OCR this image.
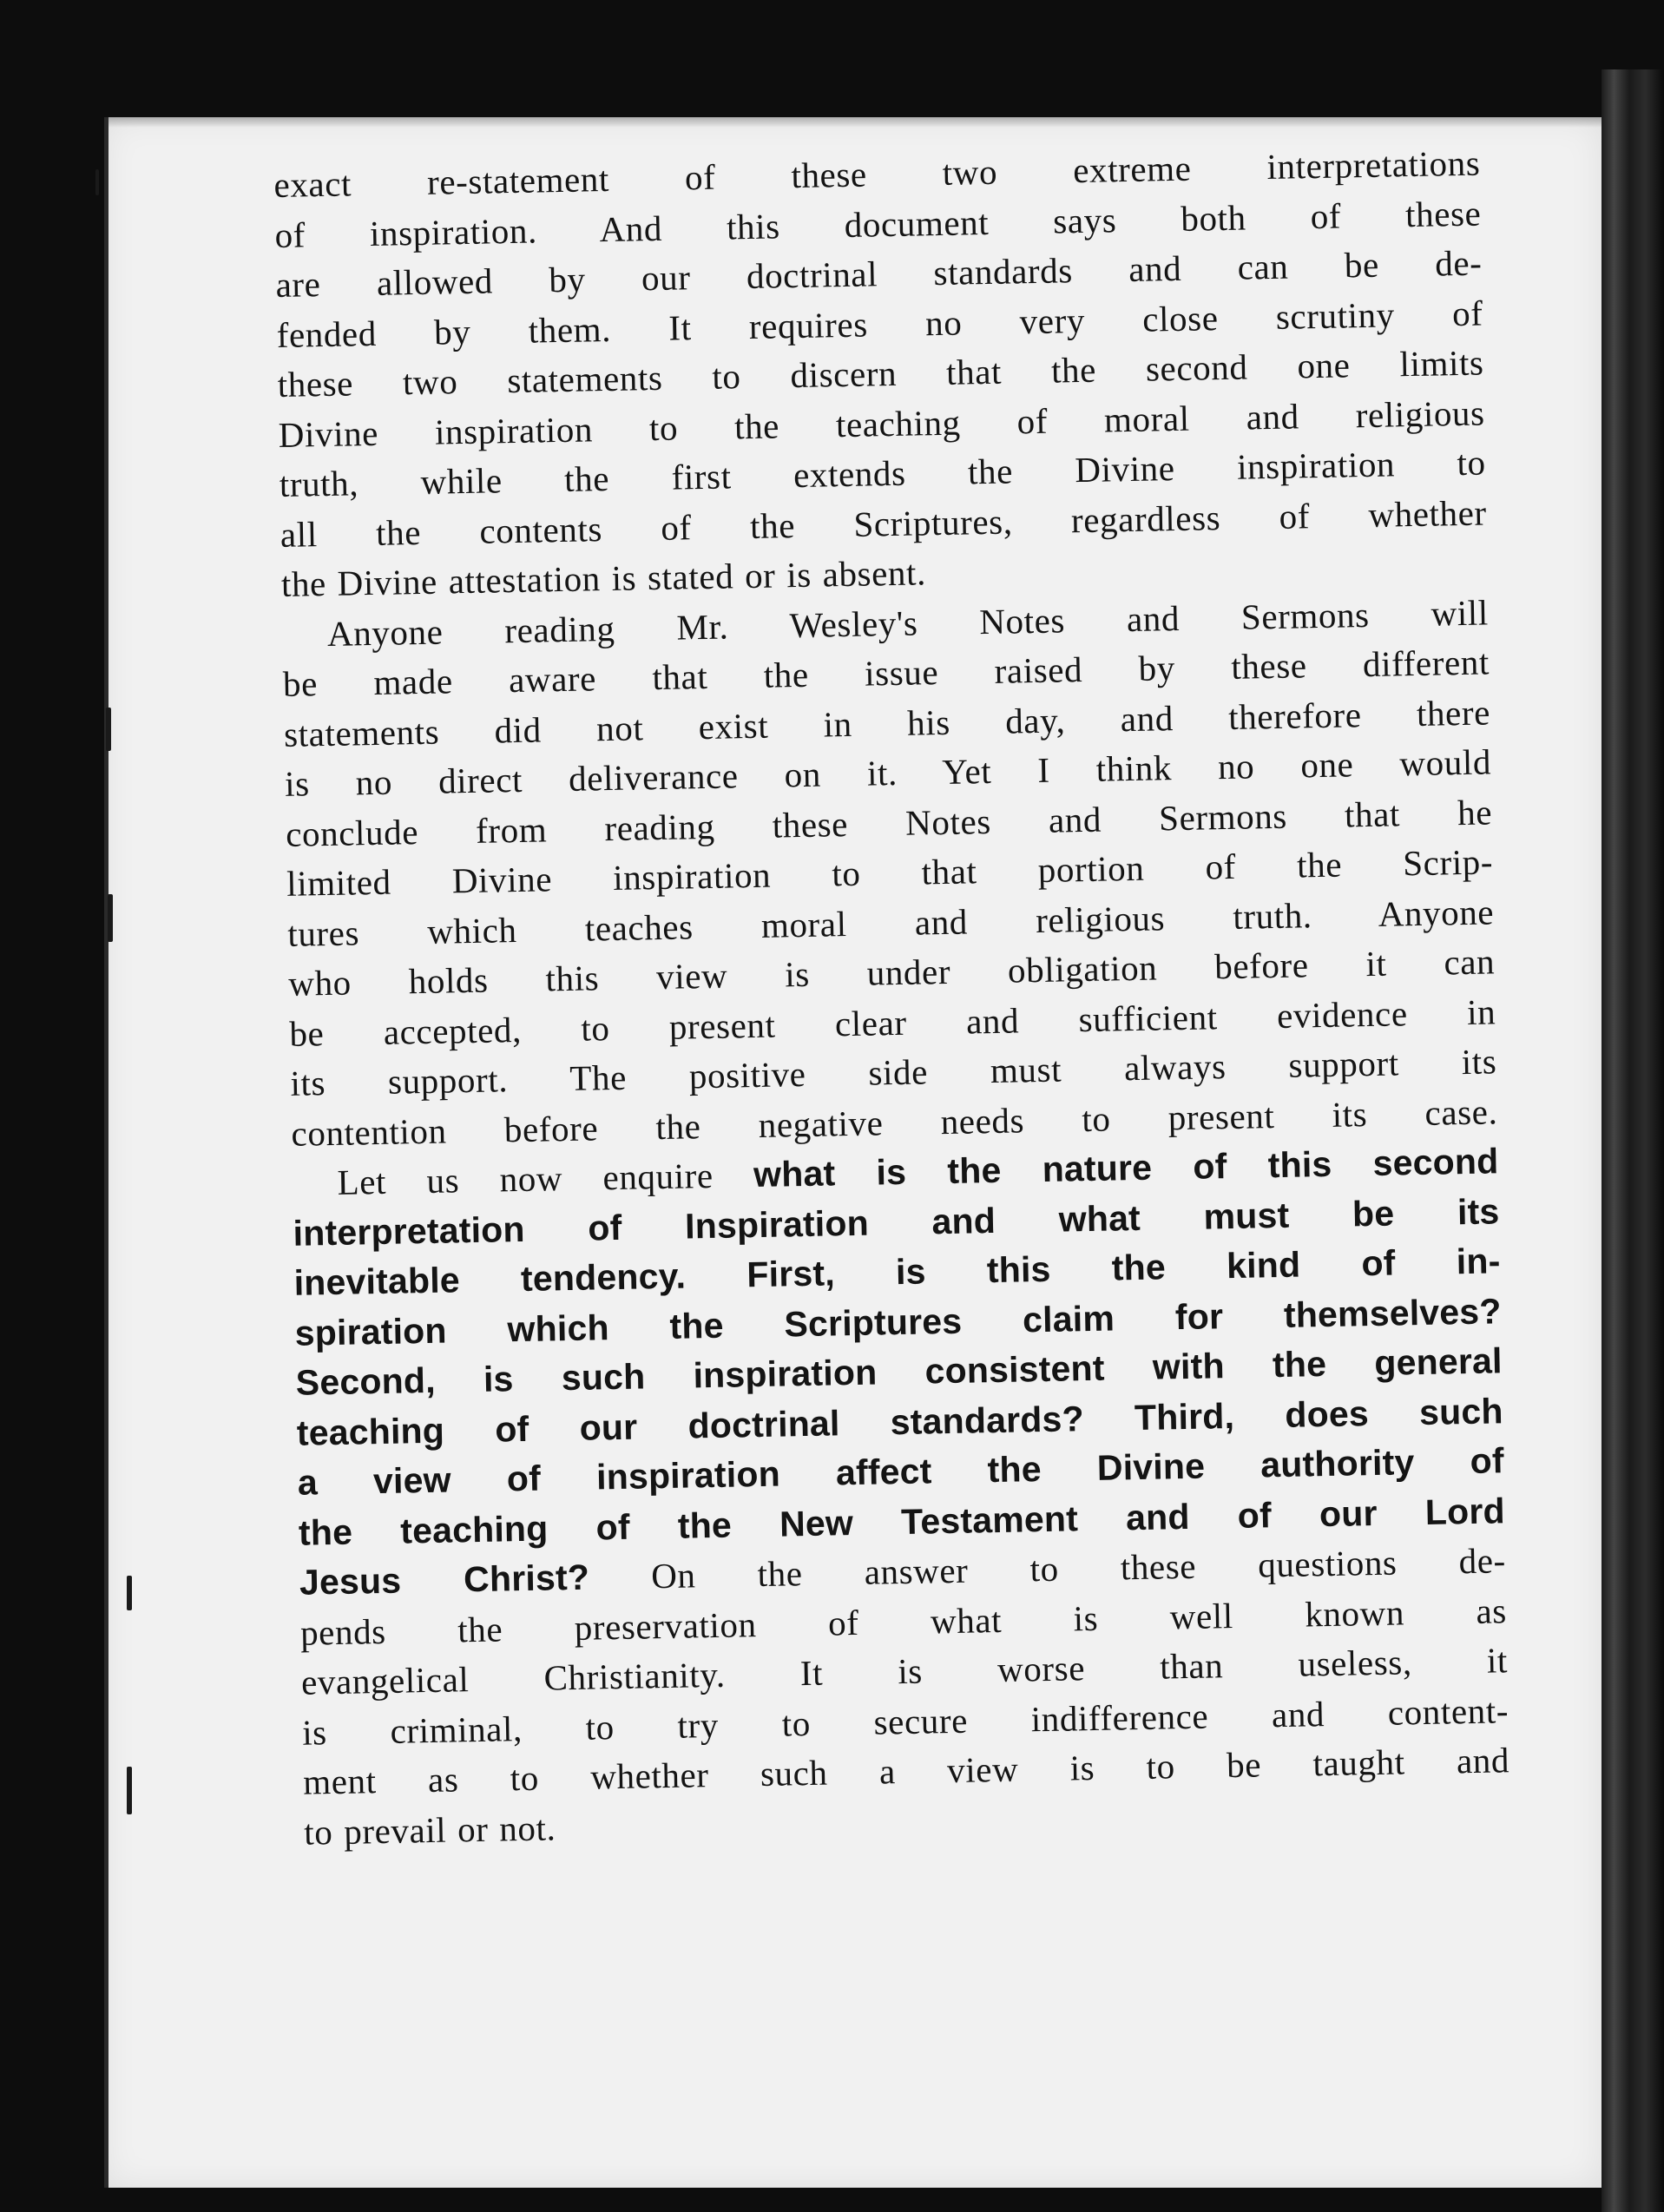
exact re-statement of these two extreme interpretations
of inspiration. And this document says both of these
are allowed by our doctrinal standards and can be de-
fended by them. It requires no very close scrutiny of
these two statements to discern that the second one limits
Divine inspiration to the teaching of moral and religious
truth, while the first extends the Divine inspiration to
all the contents of the Scriptures, regardless of whether
the Divine attestation is stated or is absent.

Anyone reading Mr. Wesley's Notes and Sermons will
be made aware that the issue raised by these different
statements did not exist in his day, and therefore there
is no direct deliverance on it. Yet I think no one would
conclude from reading these Notes and Sermons that he
limited Divine inspiration to that portion of the Scrip-
tures which teaches moral and religious truth. Anyone
who holds this view is under obligation before it can
be accepted, to present clear and sufficient evidence in
its support. The positive side must always support its
contention before the negative needs to present its case.

Let us now enquire what is the nature of this second
interpretation of Inspiration and what must be its
inevitable tendency. First, is this the kind of in-
spiration which the Scriptures claim for themselves?
Second, is such inspiration consistent with the general
teaching of our doctrinal standards? Third, does such
a view of inspiration affect the Divine authority of
the teaching of the New Testament and of our Lord
Jesus Christ? On the answer to these questions de-
pends the preservation of what is well known as
evangelical Christianity. It is worse than useless, it
is criminal, to try to secure indifference and content-
ment as to whether such a view is to be taught and
to prevail or not.
